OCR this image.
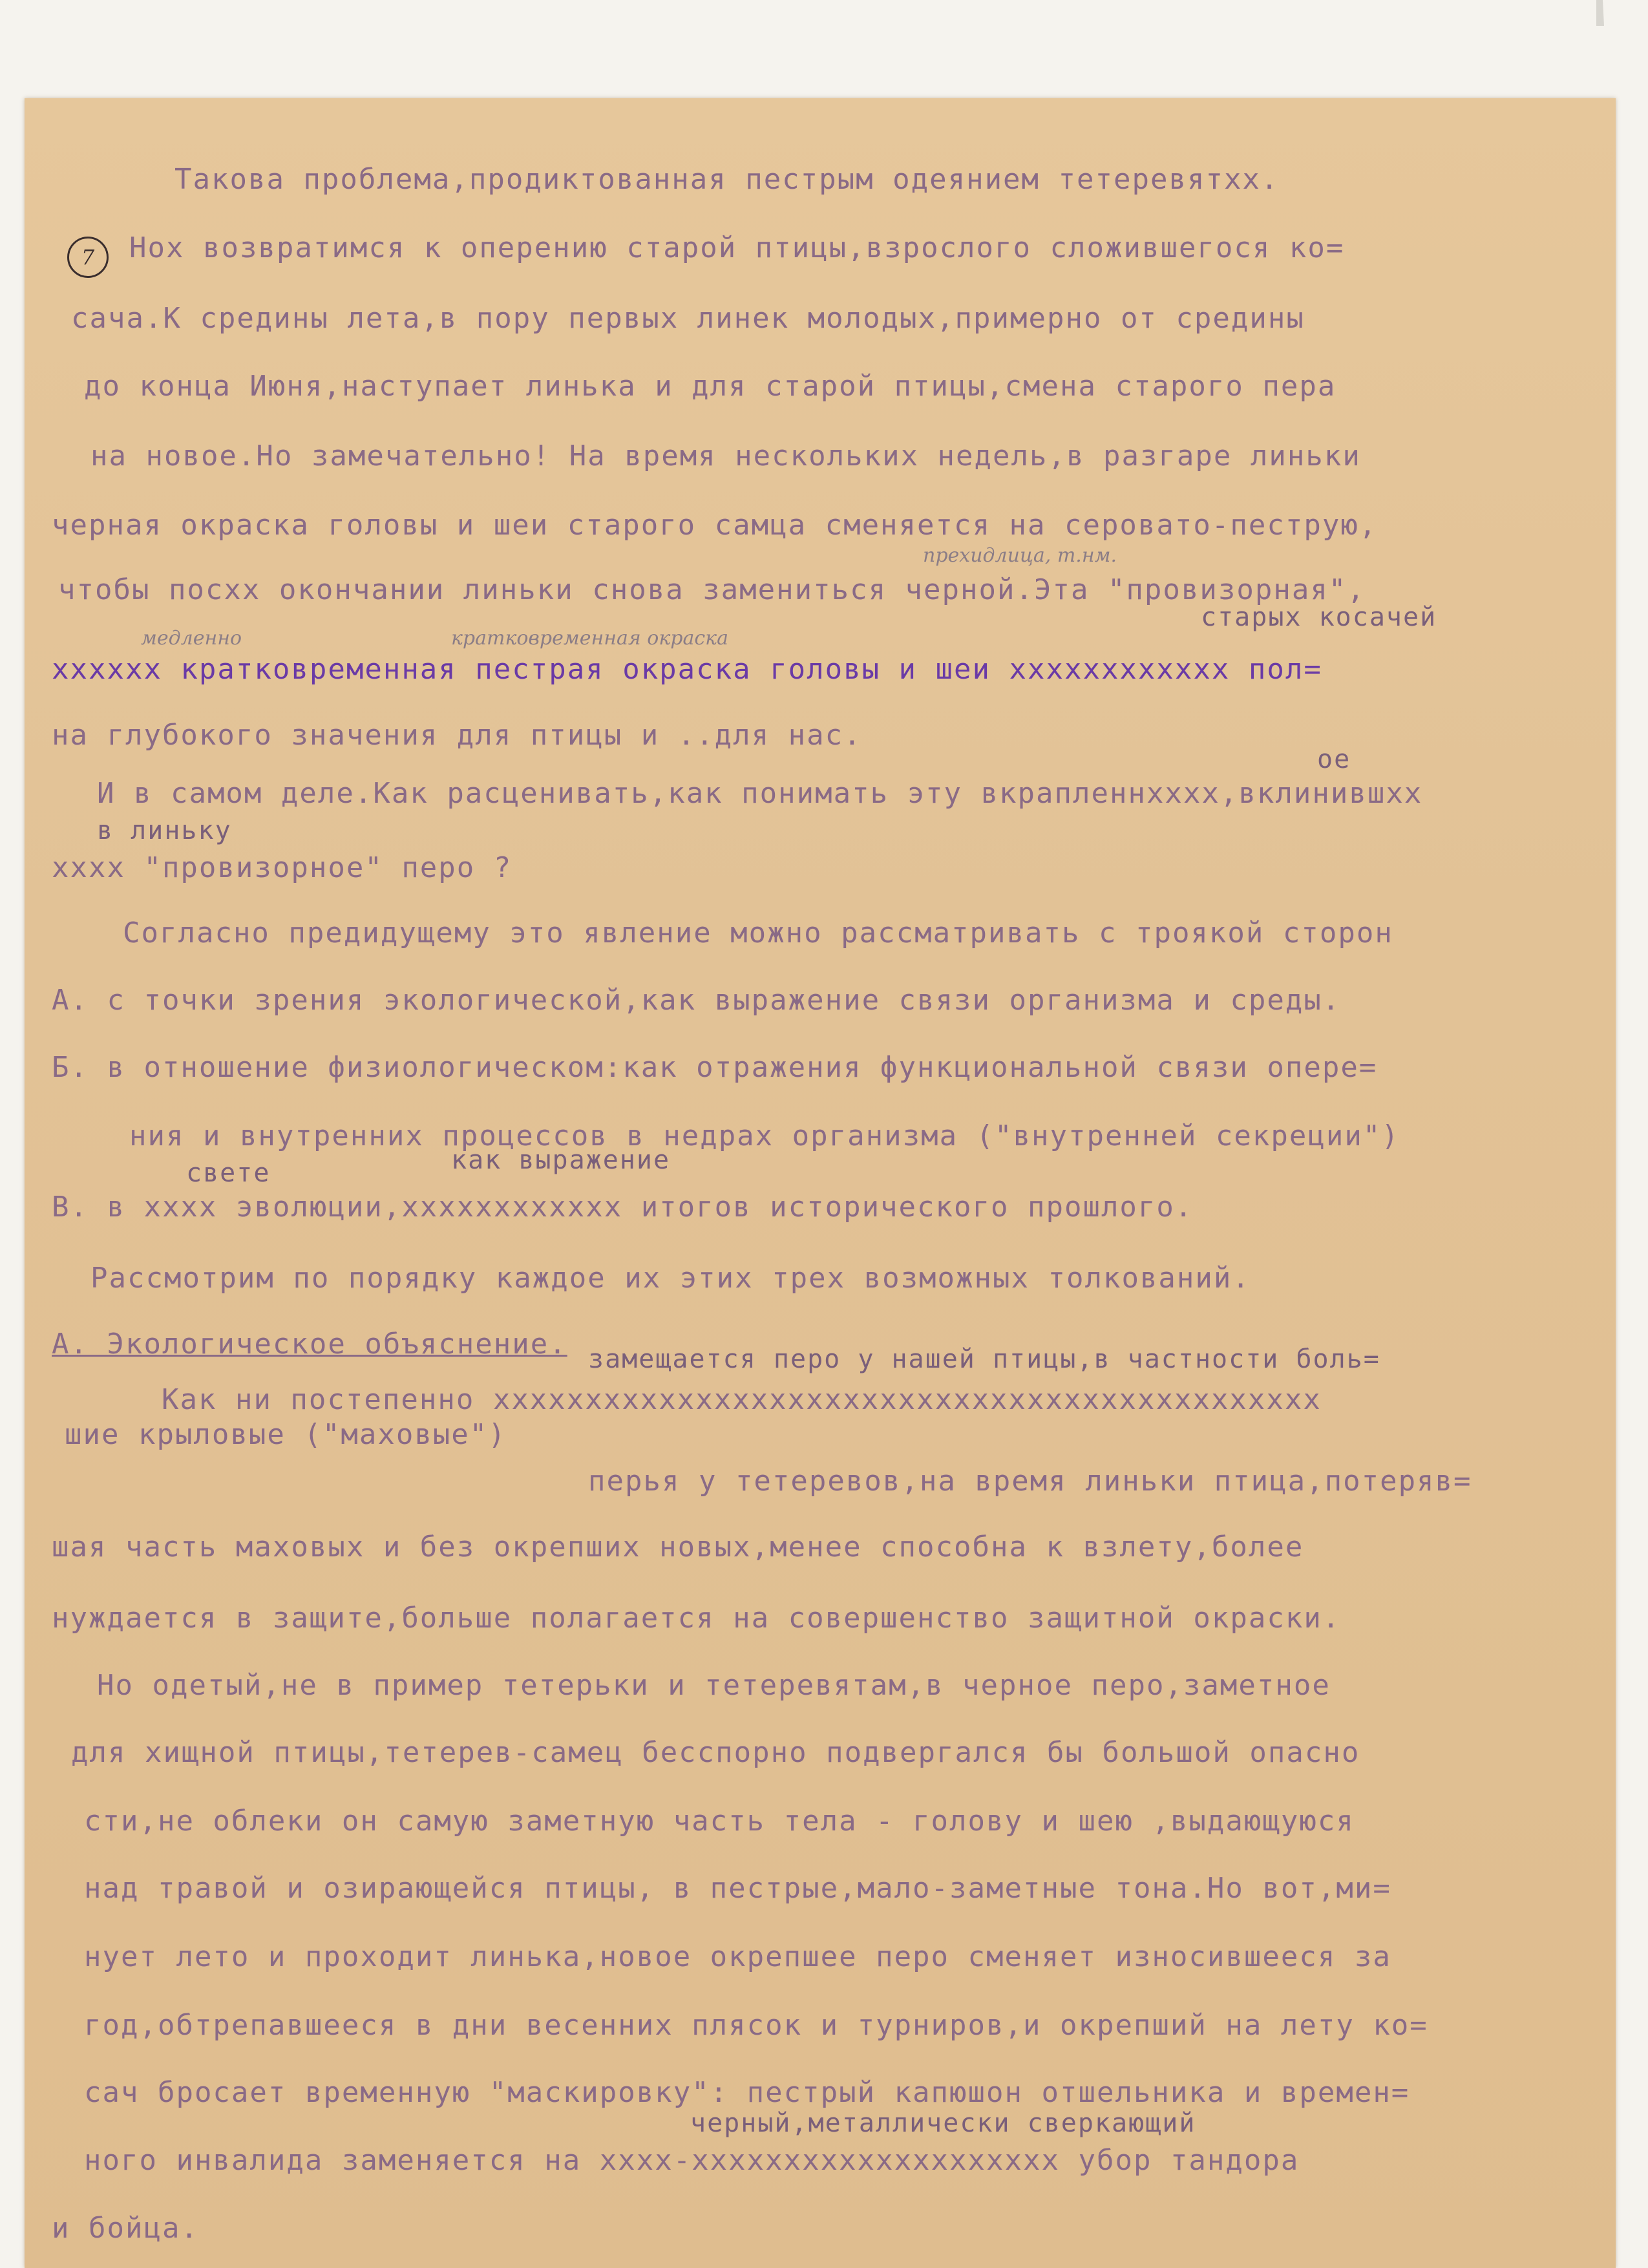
7
Такова проблема,продиктованная пестрым одеянием тетеревятхх.
Нох возвратимся к оперению старой птицы,взрослого сложившегося ко=
сача.К средины лета,в пору первых линек молодых,примерно от средины
до конца Июня,наступает линька и для старой птицы,смена старого пера
на новое.Но замечательно! На время нескольких недель,в разгаре линьки
черная окраска головы и шеи старого самца сменяется на серовато-пеструю,
прехидлица, т.нм.
чтобы посхх окончании линьки снова замениться черной.Эта "провизорная",
медленно	кратковременная окраска
старых косачей
хххххх кратковременная пестрая окраска головы и шеи хххххххххххх пол=
на глубокого значения для птицы и ..для нас.
ое
И в самом деле.Как расценивать,как понимать эту вкрапленнхххх,вклинившхх
в линьку
хххх "провизорное" перо ?
Согласно предидущему это явление можно рассматривать с троякой сторон
А. с точки зрения экологической,как выражение связи организма и среды.
Б. в отношение физиологическом:как отражения функциональной связи опере=
ния и внутренних процессов в недрах организма ("внутренней секреции")
свете	как выражение
В. в хххх эволюции,хххххххххххх итогов исторического прошлого.
Рассмотрим по порядку каждое их этих трех возможных толкований.
А. Экологическое объяснение. замещается перо у нашей птицы,в частности боль=
Как ни постепенно ххххххххххххххххххххххххххххххххххххххххххххх
шие крыловые ("маховые")
перья у тетеревов,на время линьки птица,потеряв=
шая часть маховых и без окрепших новых,менее способна к взлету,более
нуждается в защите,больше полагается на совершенство защитной окраски.
Но одетый,не в пример тетерьки и тетеревятам,в черное перо,заметное
для хищной птицы,тетерев-самец бесспорно подвергался бы большой опасно
сти,не облеки он самую заметную часть тела - голову и шею ,выдающуюся
над травой и озирающейся птицы, в пестрые,мало-заметные тона.Но вот,ми=
нует лето и проходит линька,новое окрепшее перо сменяет износившееся за
год,обтрепавшееся в дни весенних плясок и турниров,и окрепший на лету ко=
сач бросает временную "маскировку": пестрый капюшон отшельника и времен=
черный,металлически сверкающий
ного инвалида заменяется на хххх-хххххххххххххххххххх убор тандора
и бойца.
